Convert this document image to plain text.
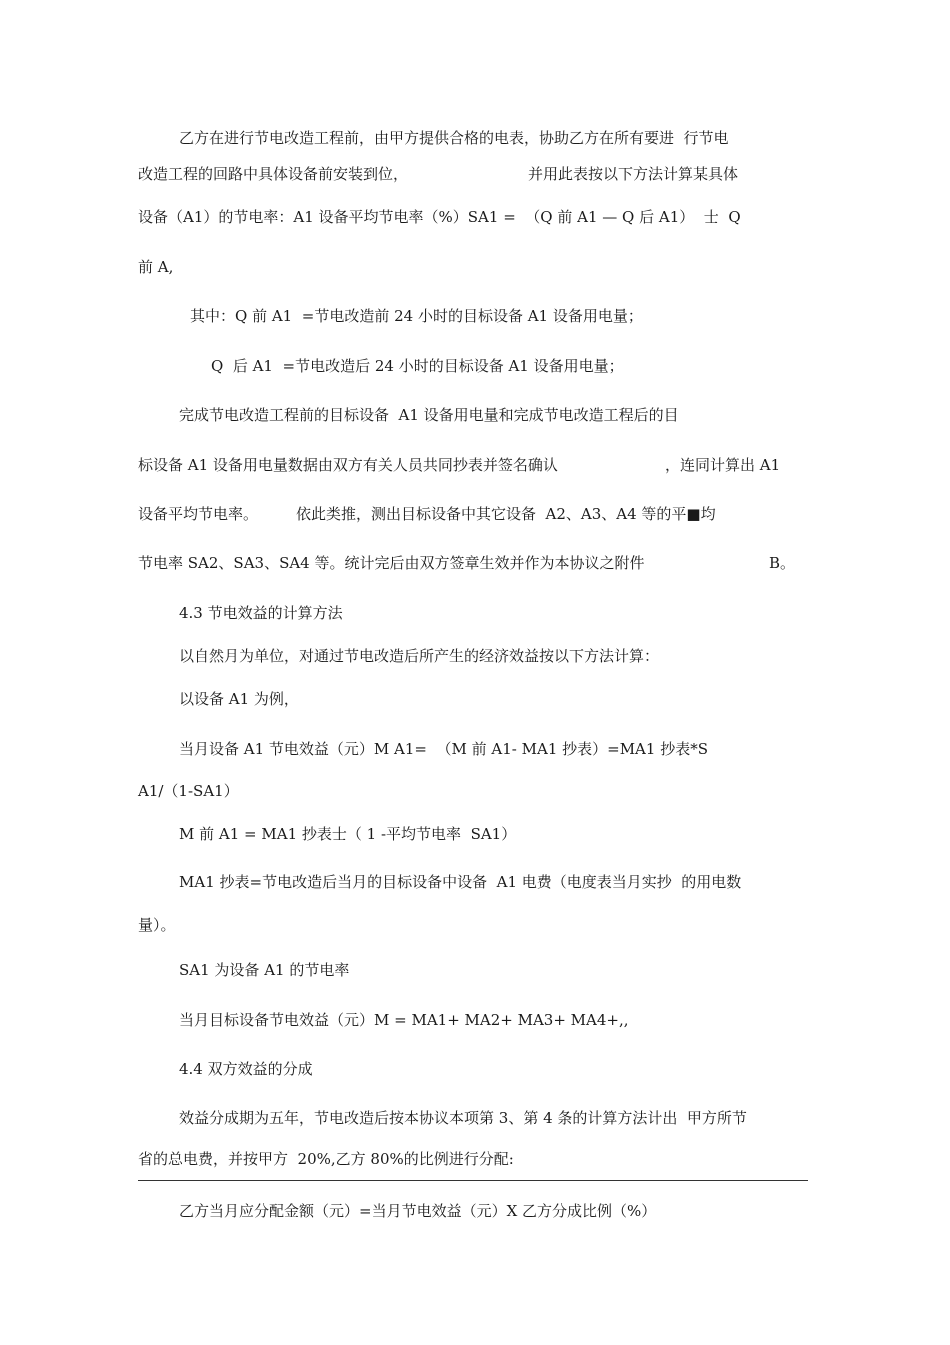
乙方在进行节电改造工程前，由甲方提供合格的电表，协助乙方在所有要进  行节电
改造工程的回路中具体设备前安装到位，	并用此表按以下方法计算某具体
设备（A1）的节电率：A1 设备平均节电率（%）SA1 =  （Q 前 A1 — Q 后 A1）  士  Q
前 A,
其中：Q 前 A1  =节电改造前 24 小时的目标设备 A1 设备用电量；
Q  后 A1  =节电改造后 24 小时的目标设备 A1 设备用电量；
完成节电改造工程前的目标设备  A1 设备用电量和完成节电改造工程后的目
标设备 A1 设备用电量数据由双方有关人员共同抄表并签名确认	，连同计算出 A1
设备平均节电率。	依此类推，测出目标设备中其它设备  A2、A3、A4 等的平■均
节电率 SA2、SA3、SA4 等。统计完后由双方签章生效并作为本协议之附件	B。
4.3 节电效益的计算方法
以自然月为单位，对通过节电改造后所产生的经济效益按以下方法计算：
以设备 A1 为例，
当月设备 A1 节电效益（元）M A1=  （M 前 A1- MA1 抄表）=MA1 抄表*S
A1/（1-SA1）
M 前 A1 = MA1 抄表士（ 1 -平均节电率  SA1）
MA1 抄表=节电改造后当月的目标设备中设备  A1 电费（电度表当月实抄  的用电数
量）。
SA1 为设备 A1 的节电率
当月目标设备节电效益（元）M = MA1+ MA2+ MA3+ MA4+,,
4.4 双方效益的分成
效益分成期为五年，节电改造后按本协议本项第 3、第 4 条的计算方法计出  甲方所节
省的总电费，并按甲方  20%,乙方 80%的比例进行分配:
乙方当月应分配金额（元）=当月节电效益（元）X 乙方分成比例（%）
